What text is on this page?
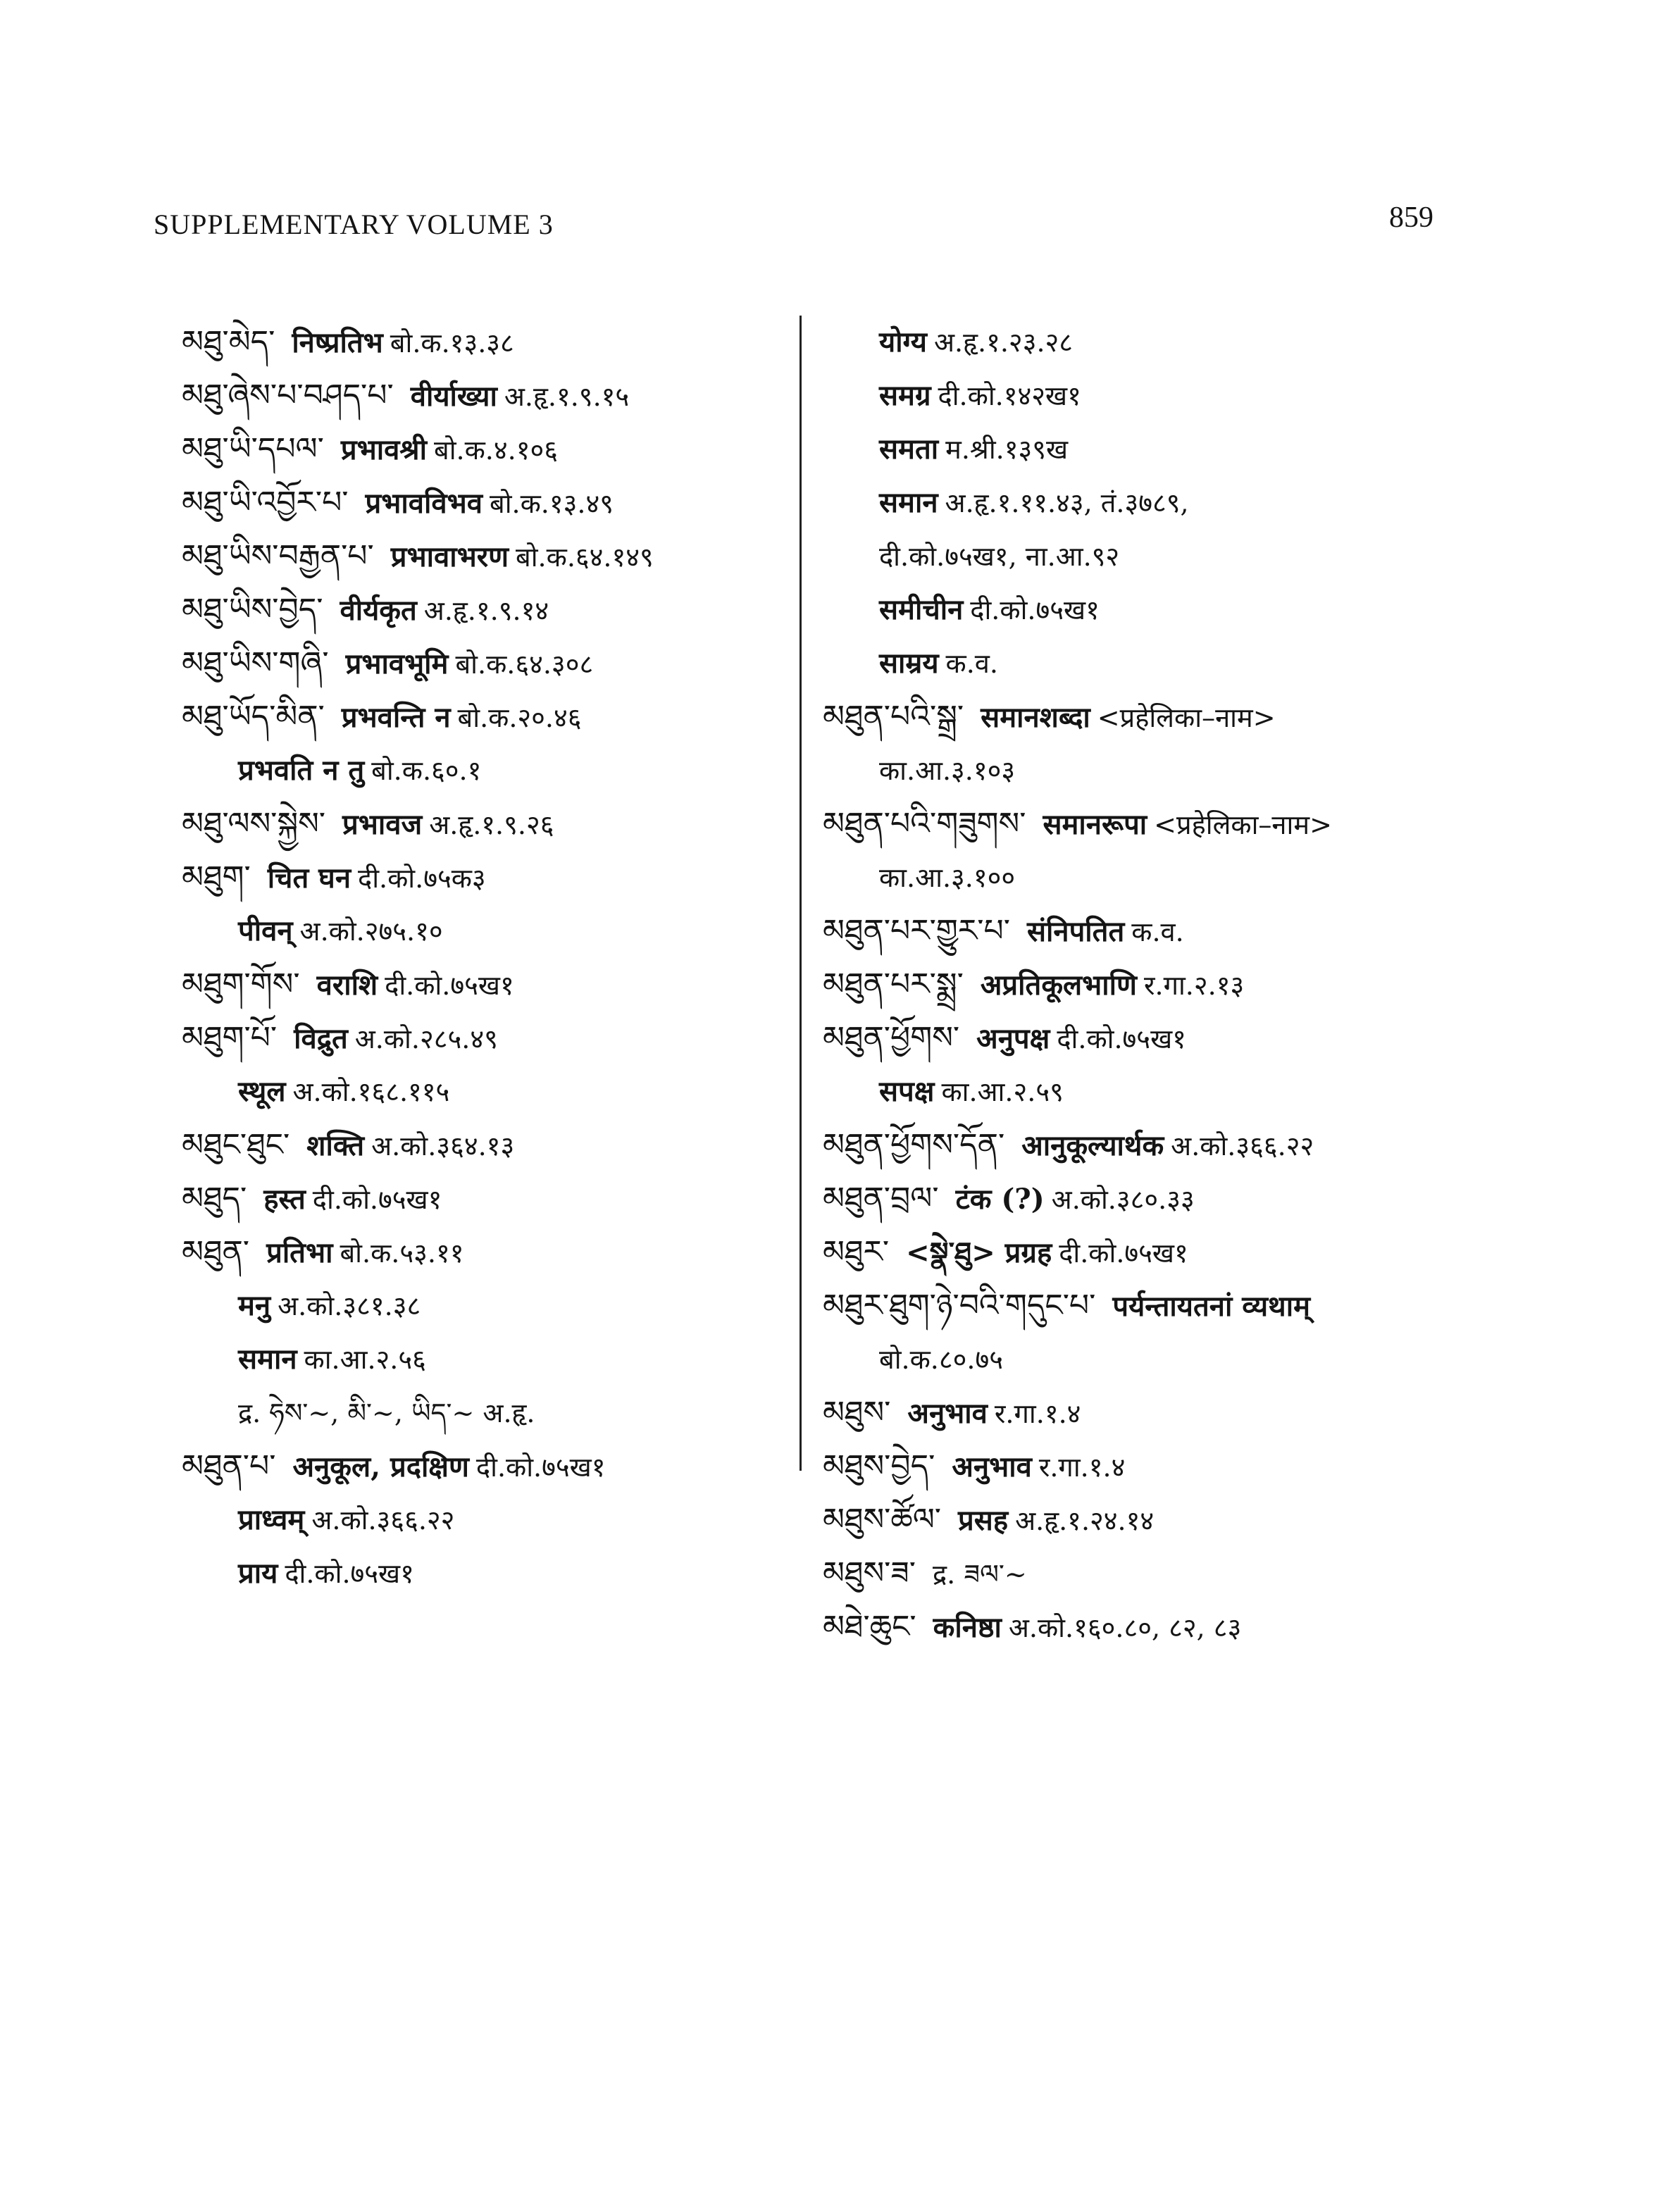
SUPPLEMENTARY VOLUME 3	859
མཐུ་མེད་ निष्प्रतिभ बो.क.१३.३८
མཐུ་ཞེས་པ་བཤད་པ་ वीर्याख्या अ.हृ.१.९.१५
མཐུ་ཡི་དཔལ་ प्रभावश्री बो.क.४.१०६
མཐུ་ཡི་འབྱོར་པ་ प्रभावविभव बो.क.१३.४९
མཐུ་ཡིས་བརྒྱན་པ་ प्रभावाभरण बो.क.६४.१४९
མཐུ་ཡིས་བྱེད་ वीर्यकृत अ.हृ.१.९.१४
མཐུ་ཡིས་གཞི་ प्रभावभूमि बो.क.६४.३०८
མཐུ་ཡོད་མིན་ प्रभवन्ति न बो.क.२०.४६
प्रभवति न तु बो.क.६०.१
མཐུ་ལས་སྐྱེས་ प्रभावज अ.हृ.१.९.२६
མཐུག་ चित घन दी.को.७५क३
पीवन् अ.को.२७५.१०
མཐུག་གོས་ वराशि दी.को.७५ख१
མཐུག་པོ་ विद्रुत अ.को.२८५.४९
स्थूल अ.को.१६८.११५
མཐུང་ཐུང་ शक्ति अ.को.३६४.१३
མཐུད་ हस्त दी.को.७५ख१
མཐུན་ प्रतिभा बो.क.५३.११
मनु अ.को.३८१.३८
समान का.आ.२.५६
द्र. ཧེས་~, མི་~, ཡིད་~ अ.हृ.
མཐུན་པ་ अनुकूल, प्रदक्षिण दी.को.७५ख१
प्राध्वम् अ.को.३६६.२२
प्राय दी.को.७५ख१
योग्य अ.हृ.१.२३.२८
समग्र दी.को.१४२ख१
समता म.श्री.१३९ख
समान अ.हृ.१.११.४३, तं.३७८९,
दी.को.७५ख१, ना.आ.९२
समीचीन दी.को.७५ख१
साम्रय क.व.
མཐུན་པའི་སྒྲ་ समानशब्दा <प्रहेलिका–नाम>
का.आ.३.१०३
མཐུན་པའི་གཟུགས་ समानरूपा <प्रहेलिका–नाम>
का.आ.३.१००
མཐུན་པར་གྱུར་པ་ संनिपतित क.व.
མཐུན་པར་སྨྲ་ अप्रतिकूलभाणि र.गा.२.१३
མཐུན་ཕྱོགས་ अनुपक्ष दी.को.७५ख१
सपक्ष का.आ.२.५९
མཐུན་ཕྱོགས་དོན་ आनुकूल्यार्थक अ.को.३६६.२२
མཐུན་བྲལ་ टंक (?) अ.को.३८०.३३
མཐུར་ <སྣེ་ཐུ> प्रग्रह दी.को.७५ख१
མཐུར་ཐུག་ཉེ་བའི་གདུང་པ་ पर्यन्तायतनां व्यथाम्
बो.क.८०.७५
མཐུས་ अनुभाव र.गा.१.४
མཐུས་བྱེད་ अनुभाव र.गा.१.४
མཐུས་ཚོལ་ प्रसह अ.हृ.१.२४.१४
མཐུས་ཟ་ द्र. ཟལ་~
མཐེ་ཆུང་ कनिष्ठा अ.को.१६०.८०, ८२, ८३
